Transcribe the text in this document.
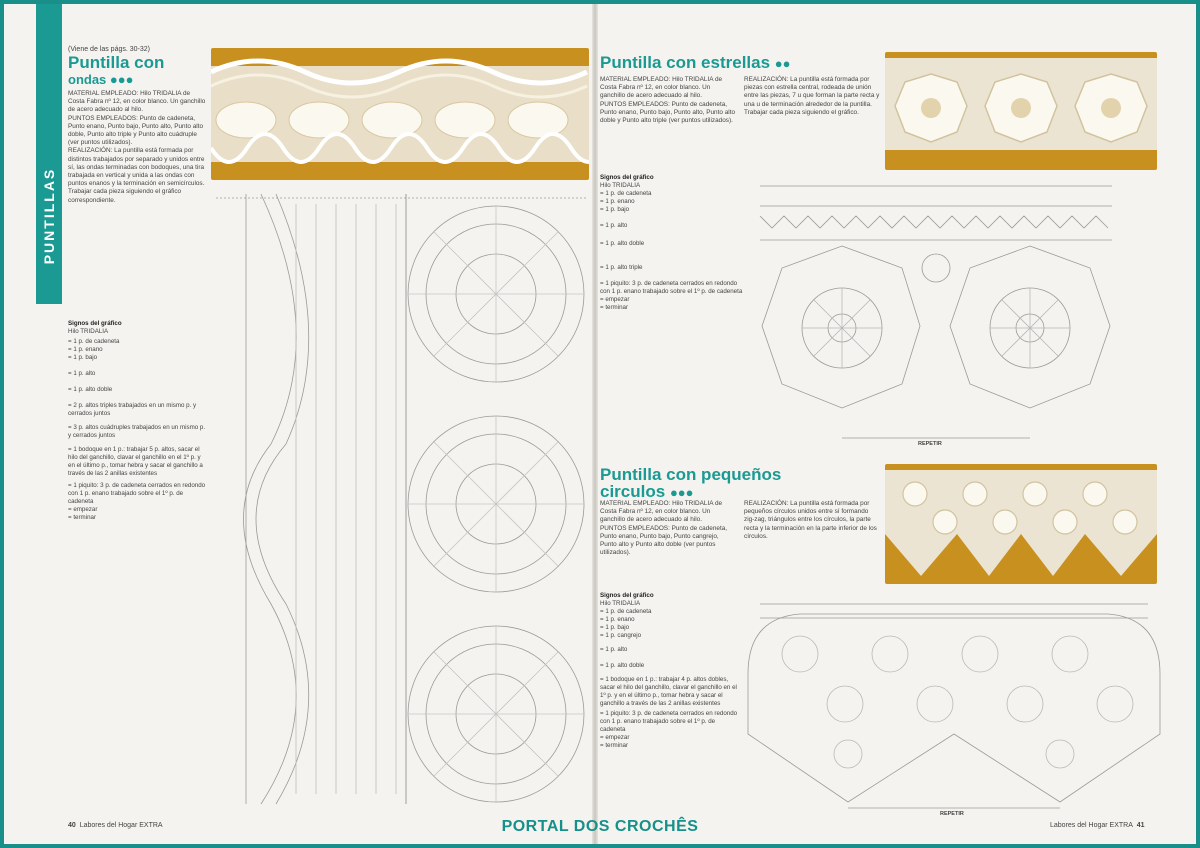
PUNTILLAS
(Viene de las págs. 30-32)
Puntilla con
ondas ●●●
MATERIAL EMPLEADO: Hilo TRIDALIA de Costa Fabra nº 12, en color blanco. Un ganchillo de acero adecuado al hilo.
PUNTOS EMPLEADOS: Punto de cadeneta, Punto enano, Punto bajo, Punto alto, Punto alto doble, Punto alto triple y Punto alto cuádruple (ver puntos utilizados).
REALIZACIÓN: La puntilla está formada por distintos trabajados por separado y unidos entre sí, las ondas terminadas con bodoques, una tira trabajada en vertical y unida a las ondas con puntos enanos y la terminación en semicírculos. Trabajar cada pieza siguiendo el gráfico correspondiente.
Signos del gráfico
Hilo TRIDALIA
= 1 p. de cadeneta
= 1 p. enano
= 1 p. bajo
= 1 p. alto
= 1 p. alto doble
= 2 p. altos triples trabajados en un mismo p. y cerrados juntos
= 3 p. altos cuádruples trabajados en un mismo p. y cerrados juntos
= 1 bodoque en 1 p.: trabajar 5 p. altos, sacar el hilo del ganchillo, clavar el ganchillo en el 1º p. y en el último p., tomar hebra y sacar el ganchillo a través de las 2 anillas existentes
= 1 piquito: 3 p. de cadeneta cerrados en redondo con 1 p. enano trabajado sobre el 1º p. de cadeneta
= empezar
= terminar
40 Labores del Hogar EXTRA
Puntilla con estrellas ●●
MATERIAL EMPLEADO: Hilo TRIDALIA de Costa Fabra nº 12, en color blanco. Un ganchillo de acero adecuado al hilo.
PUNTOS EMPLEADOS: Punto de cadeneta, Punto enano, Punto bajo, Punto alto, Punto alto doble y Punto alto triple (ver puntos utilizados).
REALIZACIÓN: La puntilla está formada por piezas con estrella central, rodeada de unión entre las piezas, 7 u que forman la parte recta y una u de terminación alrededor de la puntilla. Trabajar cada pieza siguiendo el gráfico.
Signos del gráfico
Hilo TRIDALIA
= 1 p. de cadeneta
= 1 p. enano
= 1 p. bajo
= 1 p. alto
= 1 p. alto doble
= 1 p. alto triple
= 1 piquito: 3 p. de cadeneta cerrados en redondo con 1 p. enano trabajado sobre el 1º p. de cadeneta
= empezar
= terminar
REPETIR
Puntilla con pequeños
circulos ●●●
MATERIAL EMPLEADO: Hilo TRIDALIA de Costa Fabra nº 12, en color blanco. Un ganchillo de acero adecuado al hilo.
PUNTOS EMPLEADOS: Punto de cadeneta, Punto enano, Punto bajo, Punto cangrejo, Punto alto y Punto alto doble (ver puntos utilizados).
REALIZACIÓN: La puntilla está formada por pequeños círculos unidos entre sí formando zig-zag, triángulos entre los círculos, la parte recta y la terminación en la parte inferior de los círculos.
Signos del gráfico
Hilo TRIDALIA
= 1 p. de cadeneta
= 1 p. enano
= 1 p. bajo
= 1 p. cangrejo
= 1 p. alto
= 1 p. alto doble
= 1 bodoque en 1 p.: trabajar 4 p. altos dobles, sacar el hilo del ganchillo, clavar el ganchillo en el 1º p. y en el último p., tomar hebra y sacar el ganchillo a través de las 2 anillas existentes
= 1 piquito: 3 p. de cadeneta cerrados en redondo con 1 p. enano trabajado sobre el 1º p. de cadeneta
= empezar
= terminar
REPETIR
Labores del Hogar EXTRA 41
PORTAL DOS CROCHÊS
